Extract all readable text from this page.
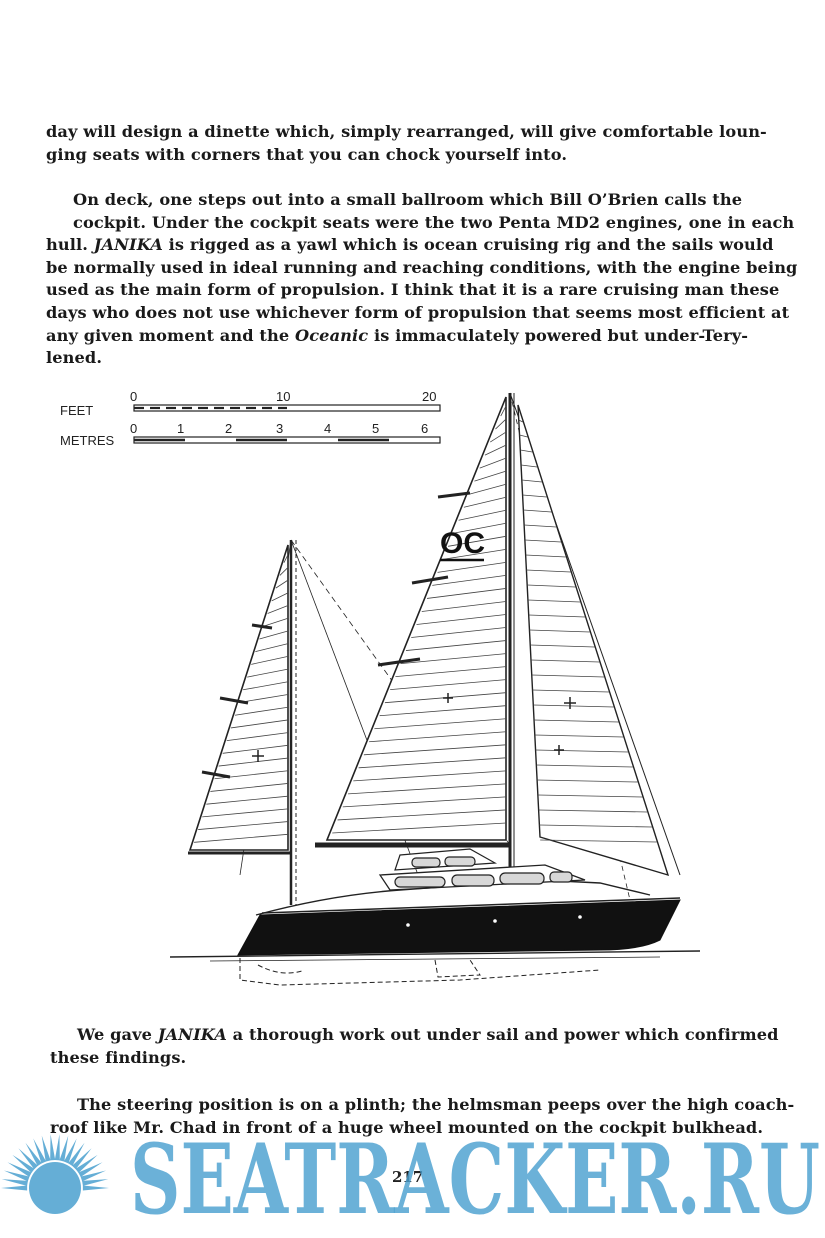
day will design a dinette which, simply rearranged, will give comfortable loun-
ging seats with corners that you can chock yourself into.

On deck, one steps out into a small ballroom which Bill O’Brien calls the
cockpit. Under the cockpit seats were the two Penta MD2 engines, one in each
hull. JANIKA is rigged as a yawl which is ocean cruising rig and the sails would
be normally used in ideal running and reaching conditions, with the engine being
used as the main form of propulsion. I think that it is a rare cruising man these
days who does not use whichever form of propulsion that seems most efficient at
any given moment and the Oceanic is immaculately powered but under-Tery-
lened.

FEET
METRES
0	10	20
0	1	2	3	4	5	6
OC

We gave JANIKA a thorough work out under sail and power which confirmed
these findings.

The steering position is on a plinth; the helmsman peeps over the high coach-
roof like Mr. Chad in front of a huge wheel mounted on the cockpit bulkhead.

217
SEATRACKER.RU
